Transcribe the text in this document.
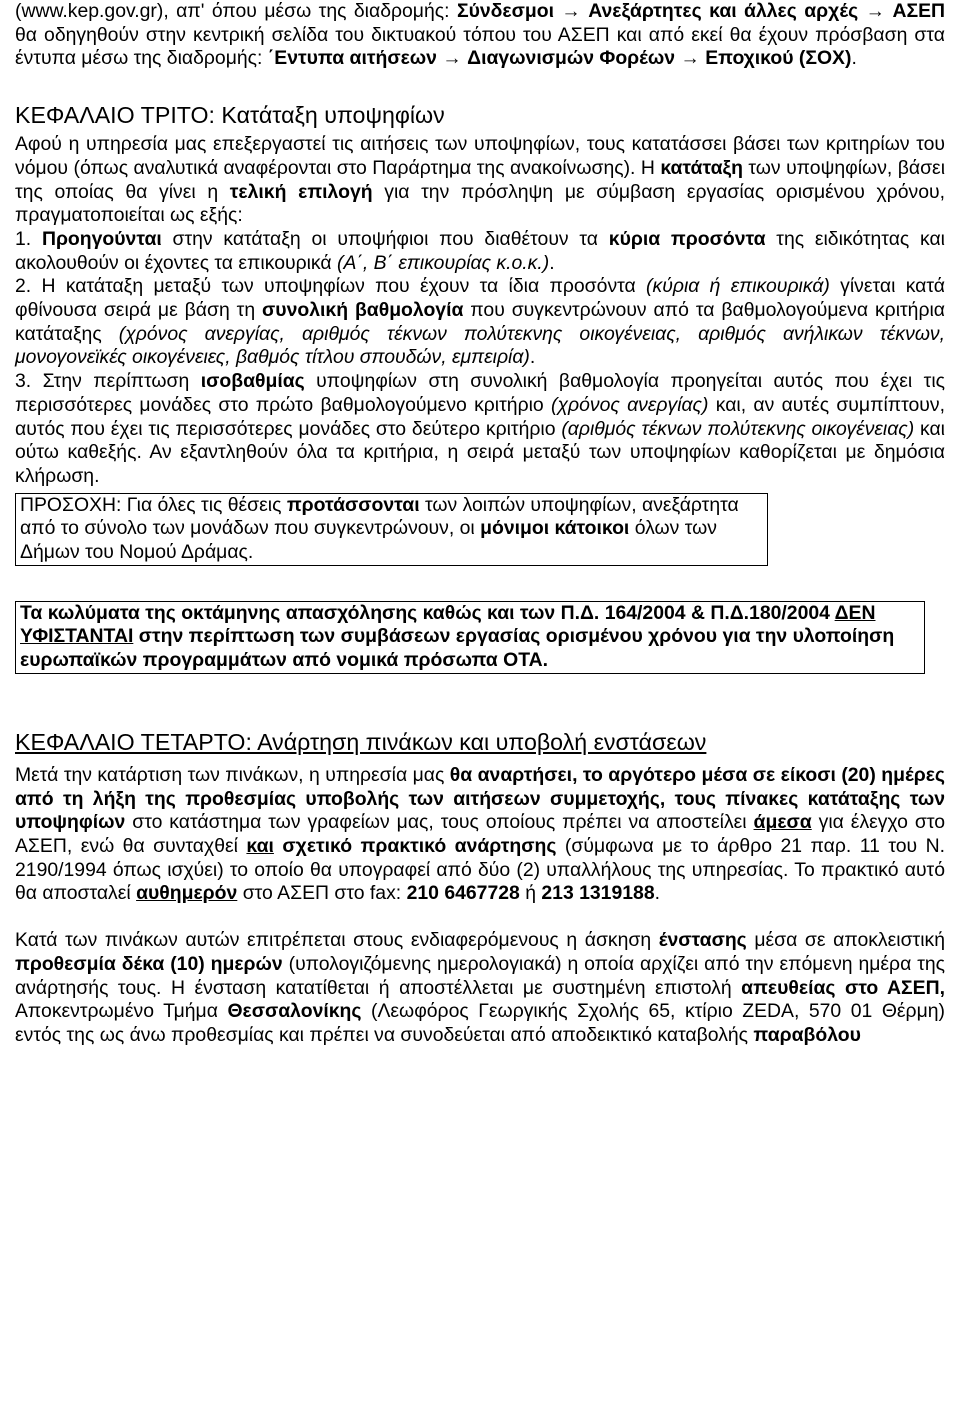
(www.kep.gov.gr), απ' όπου μέσω της διαδρομής: Σύνδεσμοι → Ανεξάρτητες και άλλες αρχές → ΑΣΕΠ θα οδηγηθούν στην κεντρική σελίδα του δικτυακού τόπου του ΑΣΕΠ και από εκεί θα έχουν πρόσβαση στα έντυπα μέσω της διαδρομής: ΄Εντυπα αιτήσεων → Διαγωνισμών Φορέων → Εποχικού (ΣΟΧ).

ΚΕΦΑΛΑΙΟ ΤΡΙΤΟ: Κατάταξη υποψηφίων

Αφού η υπηρεσία μας επεξεργαστεί τις αιτήσεις των υποψηφίων, τους κατατάσσει βάσει των κριτηρίων του νόμου (όπως αναλυτικά αναφέρονται στο Παράρτημα της ανακοίνωσης). Η κατάταξη των υποψηφίων, βάσει της οποίας θα γίνει η τελική επιλογή για την πρόσληψη με σύμβαση εργασίας ορισμένου χρόνου, πραγματοποιείται ως εξής:

1. Προηγούνται στην κατάταξη οι υποψήφιοι που διαθέτουν τα κύρια προσόντα της ειδικότητας και ακολουθούν οι έχοντες τα επικουρικά (Α΄, Β΄ επικουρίας κ.ο.κ.).

2. Η κατάταξη μεταξύ των υποψηφίων που έχουν τα ίδια προσόντα (κύρια ή επικουρικά) γίνεται κατά φθίνουσα σειρά με βάση τη συνολική βαθμολογία που συγκεντρώνουν από τα βαθμολογούμενα κριτήρια κατάταξης (χρόνος ανεργίας, αριθμός τέκνων πολύτεκνης οικογένειας, αριθμός ανήλικων τέκνων, μονογονεϊκές οικογένειες, βαθμός τίτλου σπουδών, εμπειρία).

3. Στην περίπτωση ισοβαθμίας υποψηφίων στη συνολική βαθμολογία προηγείται αυτός που έχει τις περισσότερες μονάδες στο πρώτο βαθμολογούμενο κριτήριο (χρόνος ανεργίας) και, αν αυτές συμπίπτουν, αυτός που έχει τις περισσότερες μονάδες στο δεύτερο κριτήριο (αριθμός τέκνων πολύτεκνης οικογένειας) και ούτω καθεξής. Αν εξαντληθούν όλα τα κριτήρια, η σειρά μεταξύ των υποψηφίων καθορίζεται με δημόσια κλήρωση.

ΠΡΟΣΟΧΗ: Για όλες τις θέσεις προτάσσονται των λοιπών υποψηφίων, ανεξάρτητα από το σύνολο των μονάδων που συγκεντρώνουν, οι μόνιμοι κάτοικοι όλων των Δήμων του Νομού Δράμας.

Τα κωλύματα της οκτάμηνης απασχόλησης καθώς και των Π.Δ. 164/2004 & Π.Δ.180/2004 ΔΕΝ ΥΦΙΣΤΑΝΤΑΙ στην περίπτωση των συμβάσεων εργασίας ορισμένου χρόνου για την υλοποίηση ευρωπαϊκών προγραμμάτων από νομικά πρόσωπα ΟΤΑ.

ΚΕΦΑΛΑΙΟ ΤΕΤΑΡΤΟ: Ανάρτηση πινάκων και υποβολή ενστάσεων

Μετά την κατάρτιση των πινάκων, η υπηρεσία μας θα αναρτήσει, το αργότερο μέσα σε είκοσι (20) ημέρες από τη λήξη της προθεσμίας υποβολής των αιτήσεων συμμετοχής, τους πίνακες κατάταξης των υποψηφίων στο κατάστημα των γραφείων μας, τους οποίους πρέπει να αποστείλει άμεσα για έλεγχο στο ΑΣΕΠ, ενώ θα συνταχθεί και σχετικό πρακτικό ανάρτησης (σύμφωνα με το άρθρο 21 παρ. 11 του Ν. 2190/1994 όπως ισχύει) το οποίο θα υπογραφεί από δύο (2) υπαλλήλους της υπηρεσίας. Το πρακτικό αυτό θα αποσταλεί αυθημερόν στο ΑΣΕΠ στο fax: 210 6467728 ή 213 1319188.

Κατά των πινάκων αυτών επιτρέπεται στους ενδιαφερόμενους η άσκηση ένστασης μέσα σε αποκλειστική προθεσμία δέκα (10) ημερών (υπολογιζόμενης ημερολογιακά) η οποία αρχίζει από την επόμενη ημέρα της ανάρτησής τους. Η ένσταση κατατίθεται ή αποστέλλεται με συστημένη επιστολή απευθείας στο ΑΣΕΠ, Αποκεντρωμένο Τμήμα Θεσσαλονίκης (Λεωφόρος Γεωργικής Σχολής 65, κτίριο ZEDA, 570 01 Θέρμη) εντός της ως άνω προθεσμίας και πρέπει να συνοδεύεται από αποδεικτικό καταβολής παραβόλου
